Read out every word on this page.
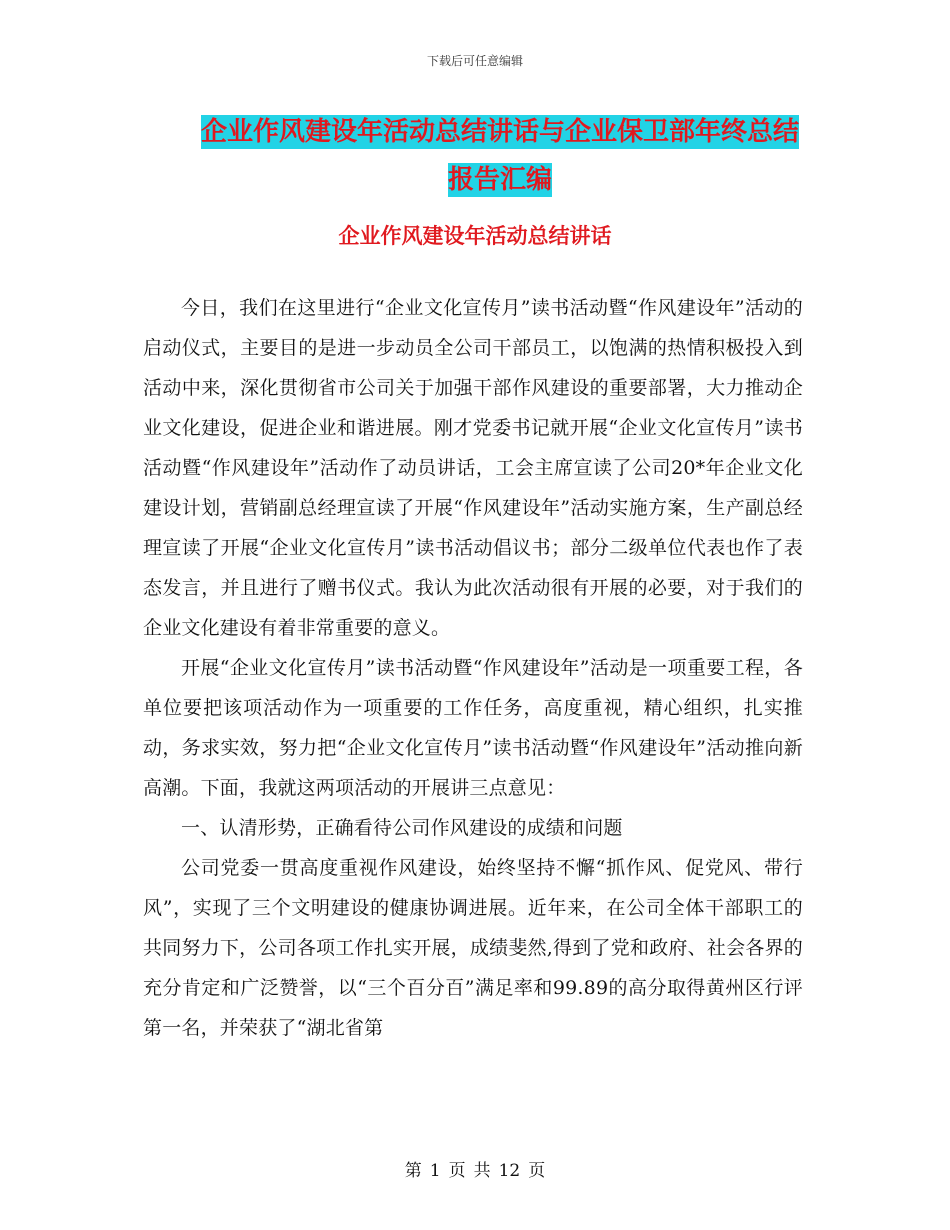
下载后可任意编辑
企业作风建设年活动总结讲话与企业保卫部年终总结
报告汇编
企业作风建设年活动总结讲话

今日，我们在这里进行“企业文化宣传月”读书活动暨“作风建设年”活动的启动仪式，主要目的是进一步动员全公司干部员工，以饱满的热情积极投入到活动中来，深化贯彻省市公司关于加强干部作风建设的重要部署，大力推动企业文化建设，促进企业和谐进展。刚才党委书记就开展“企业文化宣传月”读书活动暨“作风建设年”活动作了动员讲话，工会主席宣读了公司20*年企业文化建设计划，营销副总经理宣读了开展“作风建设年”活动实施方案，生产副总经理宣读了开展“企业文化宣传月”读书活动倡议书；部分二级单位代表也作了表态发言，并且进行了赠书仪式。我认为此次活动很有开展的必要，对于我们的企业文化建设有着非常重要的意义。

开展“企业文化宣传月”读书活动暨“作风建设年”活动是一项重要工程，各单位要把该项活动作为一项重要的工作任务，高度重视，精心组织，扎实推动，务求实效，努力把“企业文化宣传月”读书活动暨“作风建设年”活动推向新高潮。下面，我就这两项活动的开展讲三点意见：

一、认清形势，正确看待公司作风建设的成绩和问题

公司党委一贯高度重视作风建设，始终坚持不懈“抓作风、促党风、带行风”，实现了三个文明建设的健康协调进展。近年来，在公司全体干部职工的共同努力下，公司各项工作扎实开展，成绩斐然,得到了党和政府、社会各界的充分肯定和广泛赞誉，以“三个百分百”满足率和99.89的高分取得黄州区行评第一名，并荣获了“湖北省第

第 1 页 共 12 页
